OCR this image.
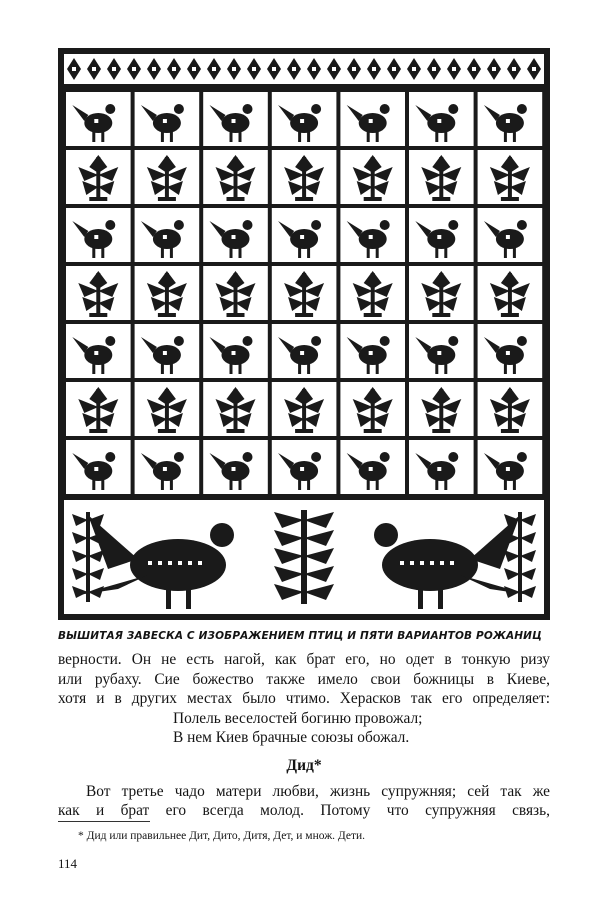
ВЫШИТАЯ ЗАВЕСКА С ИЗОБРАЖЕНИЕМ ПТИЦ И ПЯТИ ВАРИАНТОВ РОЖАНИЦ
верности. Он не есть нагой, как брат его, но одет в тонкую ризу
или рубаху. Сие божество также имело свои божницы в Киеве,
хотя и в других местах было чтимо. Херасков так его определяет:
Полель веселостей богиню провожал;
В нем Киев брачные союзы обожал.
Дид*
Вот третье чадо матери любви, жизнь супружняя; сей так же
как и брат его всегда молод. Потому что супружняя связь,
* Дид или правильнее Дит, Дито, Дитя, Дет, и множ. Дети.
114
